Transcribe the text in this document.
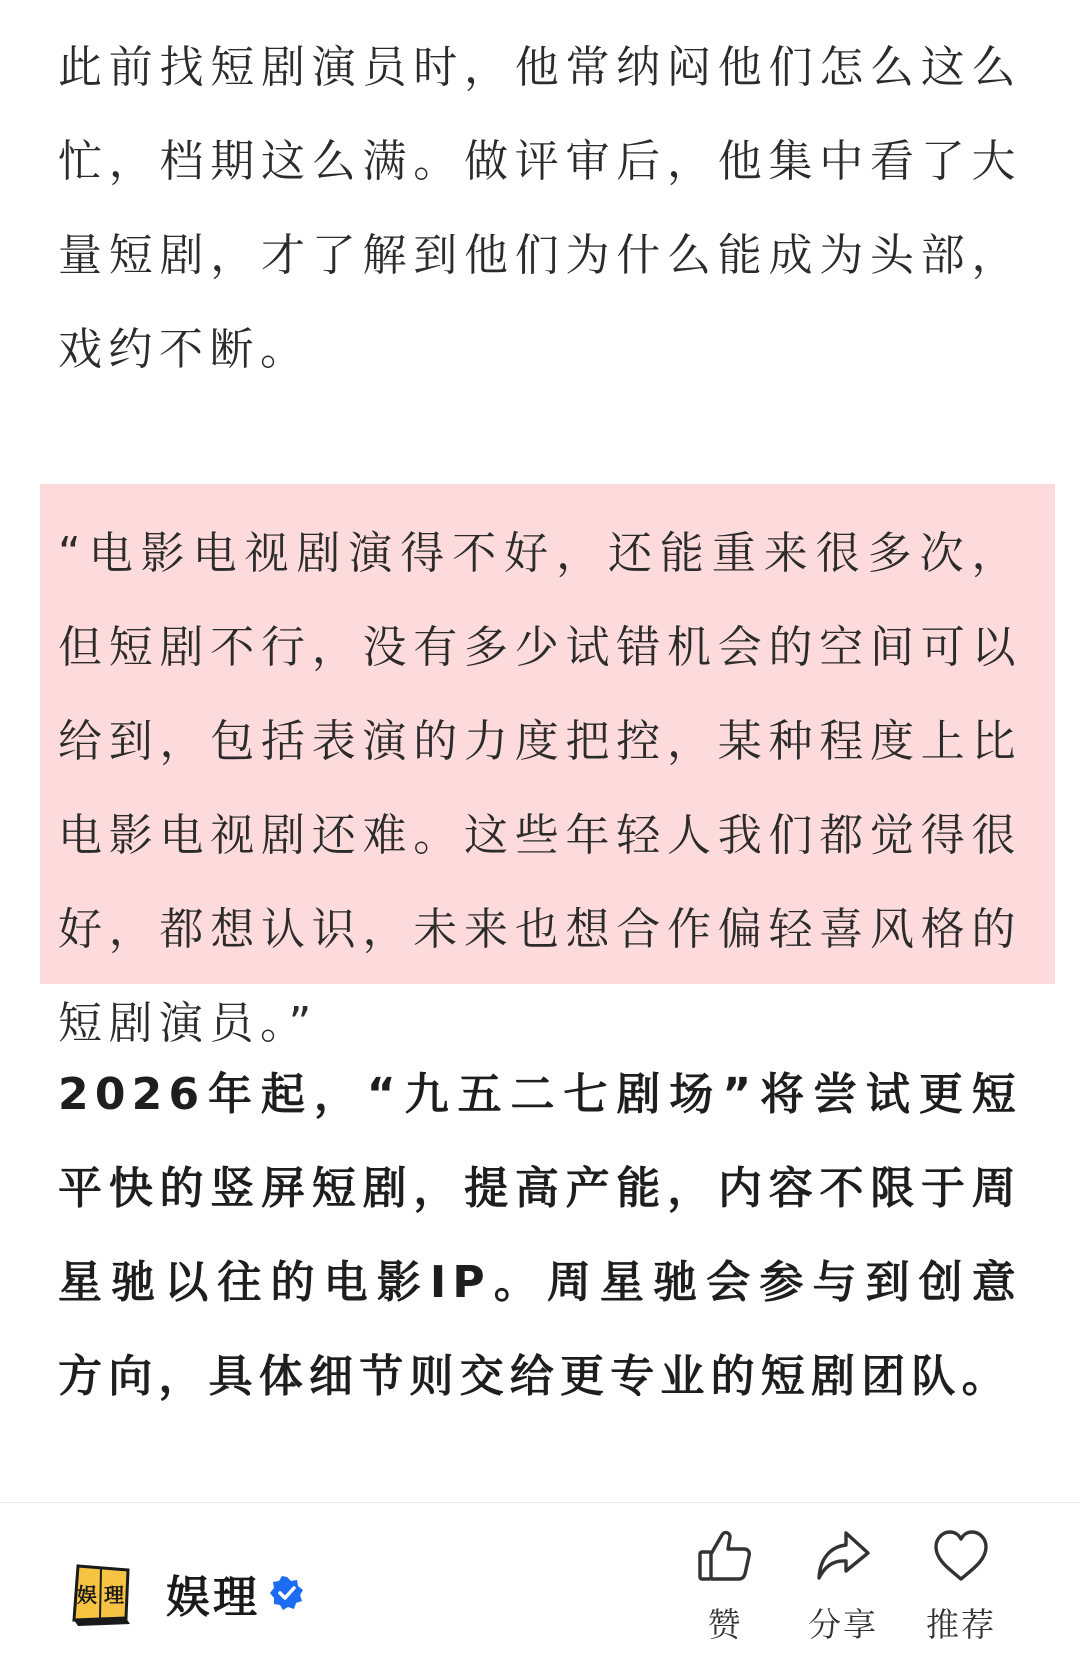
此前找短剧演员时，他常纳闷他们怎么这么忙，档期这么满。做评审后，他集中看了大量短剧，才了解到他们为什么能成为头部，戏约不断。

“电影电视剧演得不好，还能重来很多次，但短剧不行，没有多少试错机会的空间可以给到，包括表演的力度把控，某种程度上比电影电视剧还难。这些年轻人我们都觉得很好，都想认识，未来也想合作偏轻喜风格的短剧演员。”

2026年起，“九五二七剧场”将尝试更短平快的竖屏短剧，提高产能，内容不限于周星驰以往的电影IP。周星驰会参与到创意方向，具体细节则交给更专业的短剧团队。

娱 理 娱理
赞 分享 推荐
